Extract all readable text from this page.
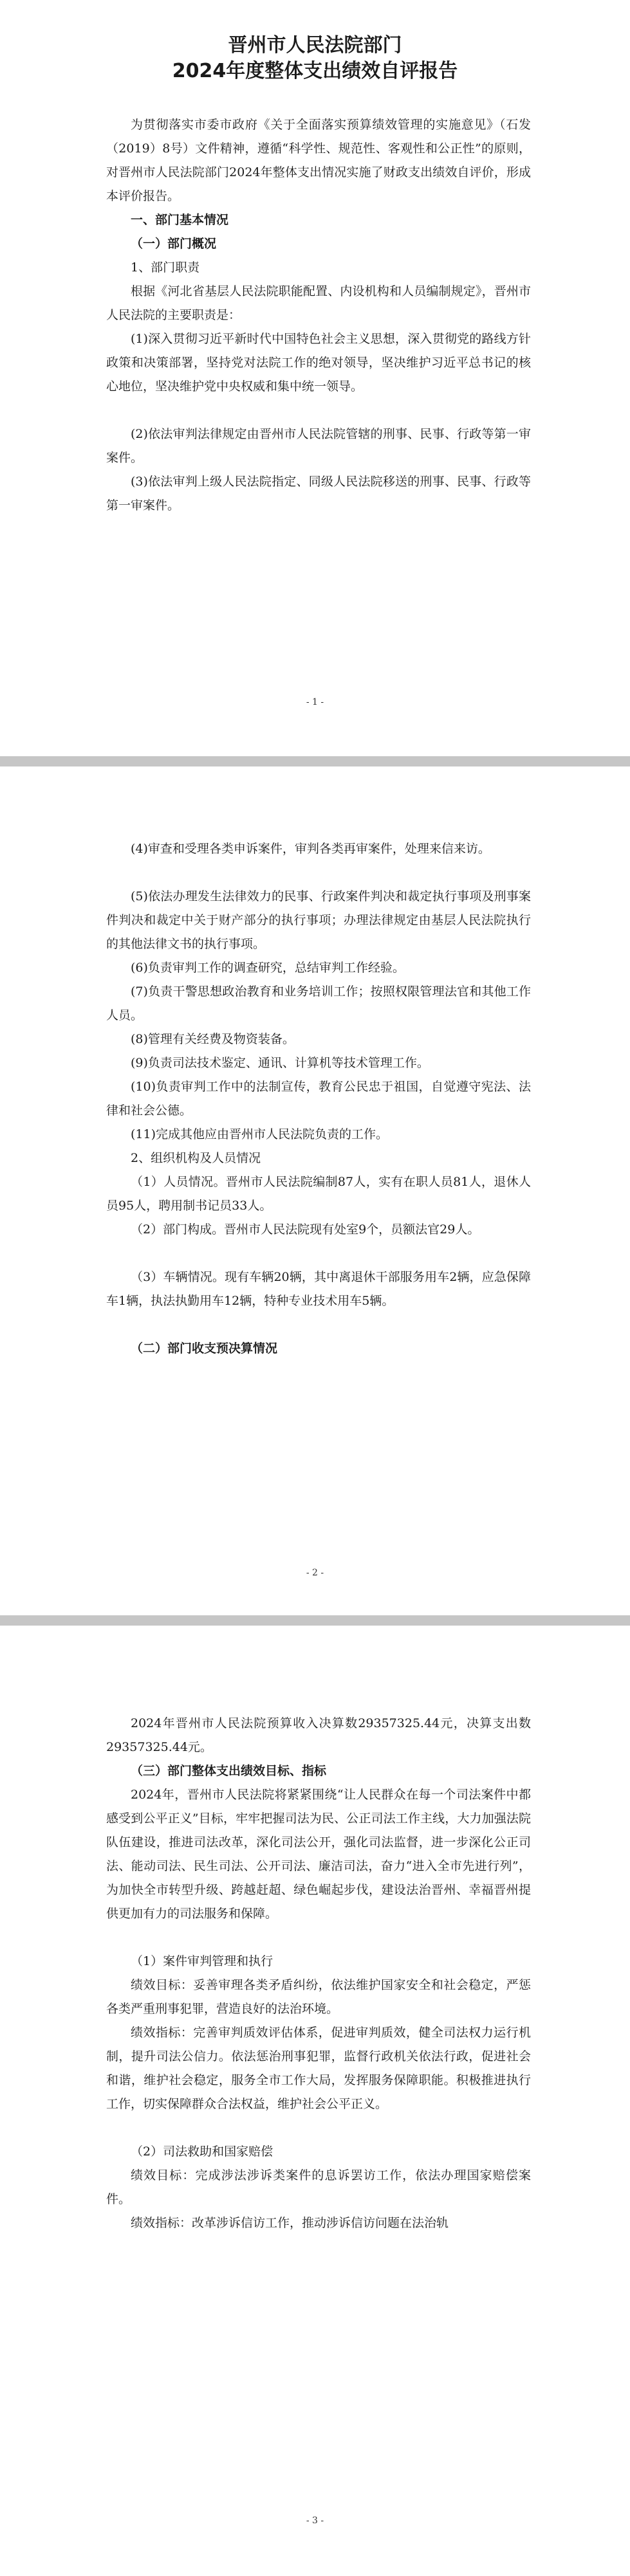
晋州市人民法院部门
2024年度整体支出绩效自评报告

为贯彻落实市委市政府《关于全面落实预算绩效管理的实施意见》（石发（2019）8号）文件精神，遵循“科学性、规范性、客观性和公正性”的原则，对晋州市人民法院部门2024年整体支出情况实施了财政支出绩效自评价，形成本评价报告。

一、部门基本情况

（一）部门概况

1、部门职责

根据《河北省基层人民法院职能配置、内设机构和人员编制规定》，晋州市人民法院的主要职责是：

(1)深入贯彻习近平新时代中国特色社会主义思想，深入贯彻党的路线方针政策和决策部署，坚持党对法院工作的绝对领导，坚决维护习近平总书记的核心地位，坚决维护党中央权威和集中统一领导。

(2)依法审判法律规定由晋州市人民法院管辖的刑事、民事、行政等第一审案件。

(3)依法审判上级人民法院指定、同级人民法院移送的刑事、民事、行政等第一审案件。

- 1 -

(4)审查和受理各类申诉案件，审判各类再审案件，处理来信来访。

(5)依法办理发生法律效力的民事、行政案件判决和裁定执行事项及刑事案件判决和裁定中关于财产部分的执行事项；办理法律规定由基层人民法院执行的其他法律文书的执行事项。

(6)负责审判工作的调查研究，总结审判工作经验。

(7)负责干警思想政治教育和业务培训工作；按照权限管理法官和其他工作人员。

(8)管理有关经费及物资装备。

(9)负责司法技术鉴定、通讯、计算机等技术管理工作。

(10)负责审判工作中的法制宣传，教育公民忠于祖国，自觉遵守宪法、法律和社会公德。

(11)完成其他应由晋州市人民法院负责的工作。

2、组织机构及人员情况

（1）人员情况。晋州市人民法院编制87人，实有在职人员81人，退休人员95人，聘用制书记员33人。

（2）部门构成。晋州市人民法院现有处室9个，员额法官29人。

（3）车辆情况。现有车辆20辆，其中离退休干部服务用车2辆，应急保障车1辆，执法执勤用车12辆，特种专业技术用车5辆。

（二）部门收支预决算情况

- 2 -

2024年晋州市人民法院预算收入决算数29357325.44元，决算支出数29357325.44元。

（三）部门整体支出绩效目标、指标

2024年，晋州市人民法院将紧紧围绕“让人民群众在每一个司法案件中都感受到公平正义”目标，牢牢把握司法为民、公正司法工作主线，大力加强法院队伍建设，推进司法改革，深化司法公开，强化司法监督，进一步深化公正司法、能动司法、民生司法、公开司法、廉洁司法，奋力“进入全市先进行列”，为加快全市转型升级、跨越赶超、绿色崛起步伐，建设法治晋州、幸福晋州提供更加有力的司法服务和保障。

（1）案件审判管理和执行

绩效目标：妥善审理各类矛盾纠纷，依法维护国家安全和社会稳定，严惩各类严重刑事犯罪，营造良好的法治环境。

绩效指标：完善审判质效评估体系，促进审判质效，健全司法权力运行机制，提升司法公信力。依法惩治刑事犯罪，监督行政机关依法行政，促进社会和谐，维护社会稳定，服务全市工作大局，发挥服务保障职能。积极推进执行工作，切实保障群众合法权益，维护社会公平正义。

（2）司法救助和国家赔偿

绩效目标：完成涉法涉诉类案件的息诉罢访工作，依法办理国家赔偿案件。

绩效指标：改革涉诉信访工作，推动涉诉信访问题在法治轨

- 3 -
